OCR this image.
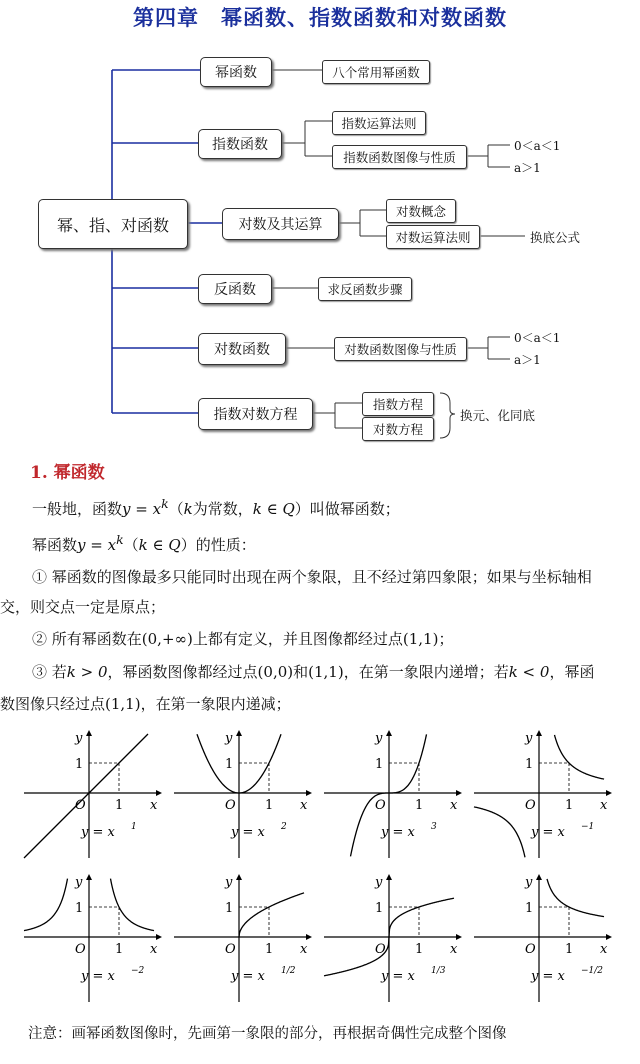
第四章　幂函数、指数函数和对数函数
幂、指、对函数
幂函数	八个常用幂函数
指数函数
指数运算法则
指数函数图像与性质
0＜a＜1
a＞1
对数及其运算
对数概念
对数运算法则	换底公式
反函数	求反函数步骤
对数函数	对数函数图像与性质
0＜a＜1
a＞1
指数对数方程
指数方程
对数方程
换元、化同底
1. 幂函数
一般地，函数$y = x^k(k$为常数，k ∈ Q）叫做幂函数；
幂函数$y = x^k(k$ ∈ Q）的性质：
① 幂函数的图像最多只能同时出现在两个象限，且不经过第四象限；如果与坐标轴相
交，则交点一定是原点；
② 所有幂函数在(0,+∞)上都有定义，并且图像都经过点(1,1)；
③ 若k > 0，幂函数图像都经过点(0,0)和(1,1)，在第一象限内递增；若k < 0，幂函
数图像只经过点(1,1)，在第一象限内递减；
y
x
O 1
1
y = x 1
y
x
O 1
1
y = x 2
y
x
O 1
1
y = x 3
y
x
O 1
1
y = x −1
y
x
O 1
1
y = x −2
y
x
O 1
1
y = x 1/2
y
x
O 1
1
y = x 1/3
y
x
O 1
1
y = x −1/2
注意：画幂函数图像时，先画第一象限的部分，再根据奇偶性完成整个图像
